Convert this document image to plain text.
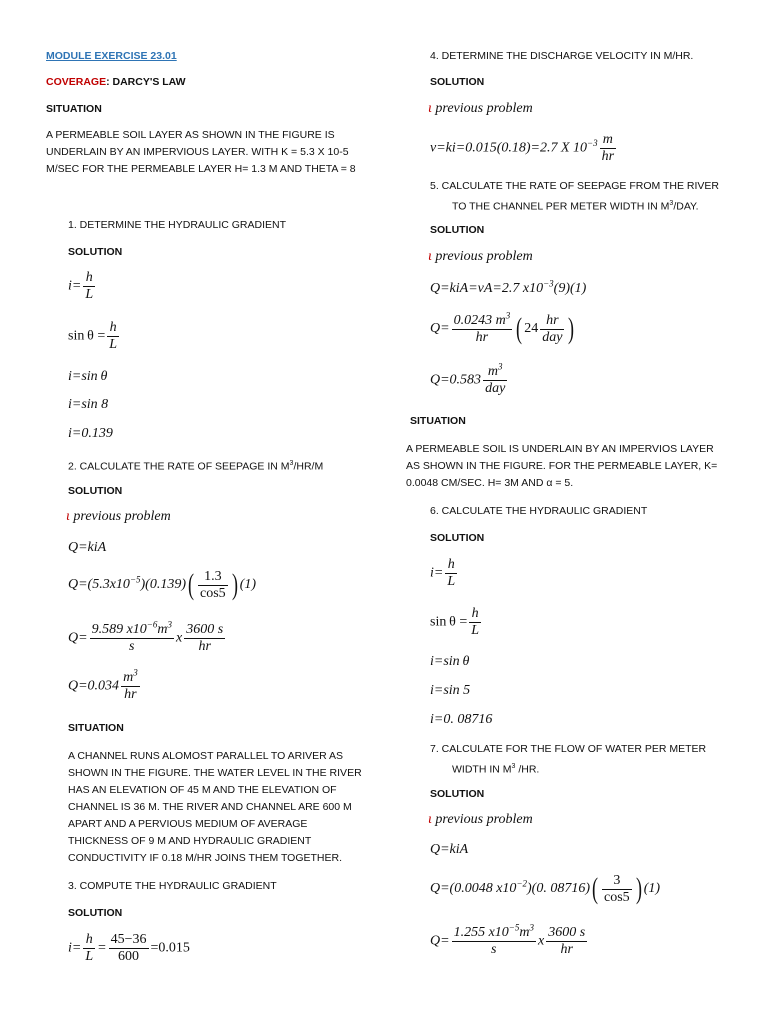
MODULE EXERCISE 23.01
COVERAGE: DARCY'S LAW
SITUATION
A PERMEABLE SOIL LAYER AS SHOWN IN THE FIGURE IS UNDERLAIN BY AN IMPERVIOUS LAYER. WITH K = 5.3 X 10-5 M/SEC FOR THE PERMEABLE LAYER H= 1.3 M AND THETA = 8
1. DETERMINE THE HYDRAULIC GRADIENT
SOLUTION
$i= \frac{h}{L}$
$\sin \theta = \frac{h}{L}$
i=sin θ
i=sin 8
i=0.139
2. CALCULATE THE RATE OF SEEPAGE IN $M^3/HR/M$
SOLUTION
ι previous problem
Q=kiA
$Q=(5.3x10^{-5})(0.139)( \frac{1.3}{\cos 5}$ ) (1)
$Q= \frac{9.589 x10^{-6}m^3}{s}$ x $\frac{3600 s}{hr}$
$Q=0.034 \frac{m^3}{hr}$
SITUATION
A CHANNEL RUNS ALOMOST PARALLEL TO ARIVER AS SHOWN IN THE FIGURE. THE WATER LEVEL IN THE RIVER HAS AN ELEVATION OF 45 M AND THE ELEVATION OF CHANNEL IS 36 M. THE RIVER AND CHANNEL ARE 600 M APART AND A PERVIOUS MEDIUM OF AVERAGE THICKNESS OF 9 M AND HYDRAULIC GRADIENT CONDUCTIVITY IF 0.18 M/HR JOINS THEM TOGETHER.
3. COMPUTE THE HYDRAULIC GRADIENT
SOLUTION
$i= \frac{h}{L} = \frac{45-36}{600} =0.015$
4. DETERMINE THE DISCHARGE VELOCITY IN M/HR.
SOLUTION
ι previous problem
v=ki=0.015(0.18)=2.7 X $10^{-3} \frac{m}{hr}$
5. CALCULATE THE RATE OF SEEPAGE FROM THE RIVER
TO THE CHANNEL PER METER WIDTH IN $M^3$/DAY.
SOLUTION
ι previous problem
Q=kiA=vA=2.7 $x10^{-3}(9)(1)$
$Q= \frac{0.0243 m^3}{hr}$ ( $24 \frac{hr}{\text{day}}$ )
$Q=0.583 \frac{m^3}{\text{day}}$
SITUATION
A PERMEABLE SOIL IS UNDERLAIN BY AN IMPERVIOS LAYER AS SHOWN IN THE FIGURE. FOR THE PERMEABLE LAYER, K= 0.0048 CM/SEC. H= 3M AND α = 5.
6. CALCULATE THE HYDRAULIC GRADIENT
SOLUTION
$i= \frac{h}{L}$
$\sin \theta = \frac{h}{L}$
i=sin θ
i=sin 5
i=0. 08716
7. CALCULATE FOR THE FLOW OF WATER PER METER
WIDTH IN $M^3$ /HR.
SOLUTION
ι previous problem
Q=kiA
Q=(0.0048 $x10^{-2})(0$. $08716)( \frac{3}{\cos 5}$ ) (1)
$Q= \frac{1.255 x10^{-5}m^3}{s}$ x $\frac{3600 s}{hr}$
